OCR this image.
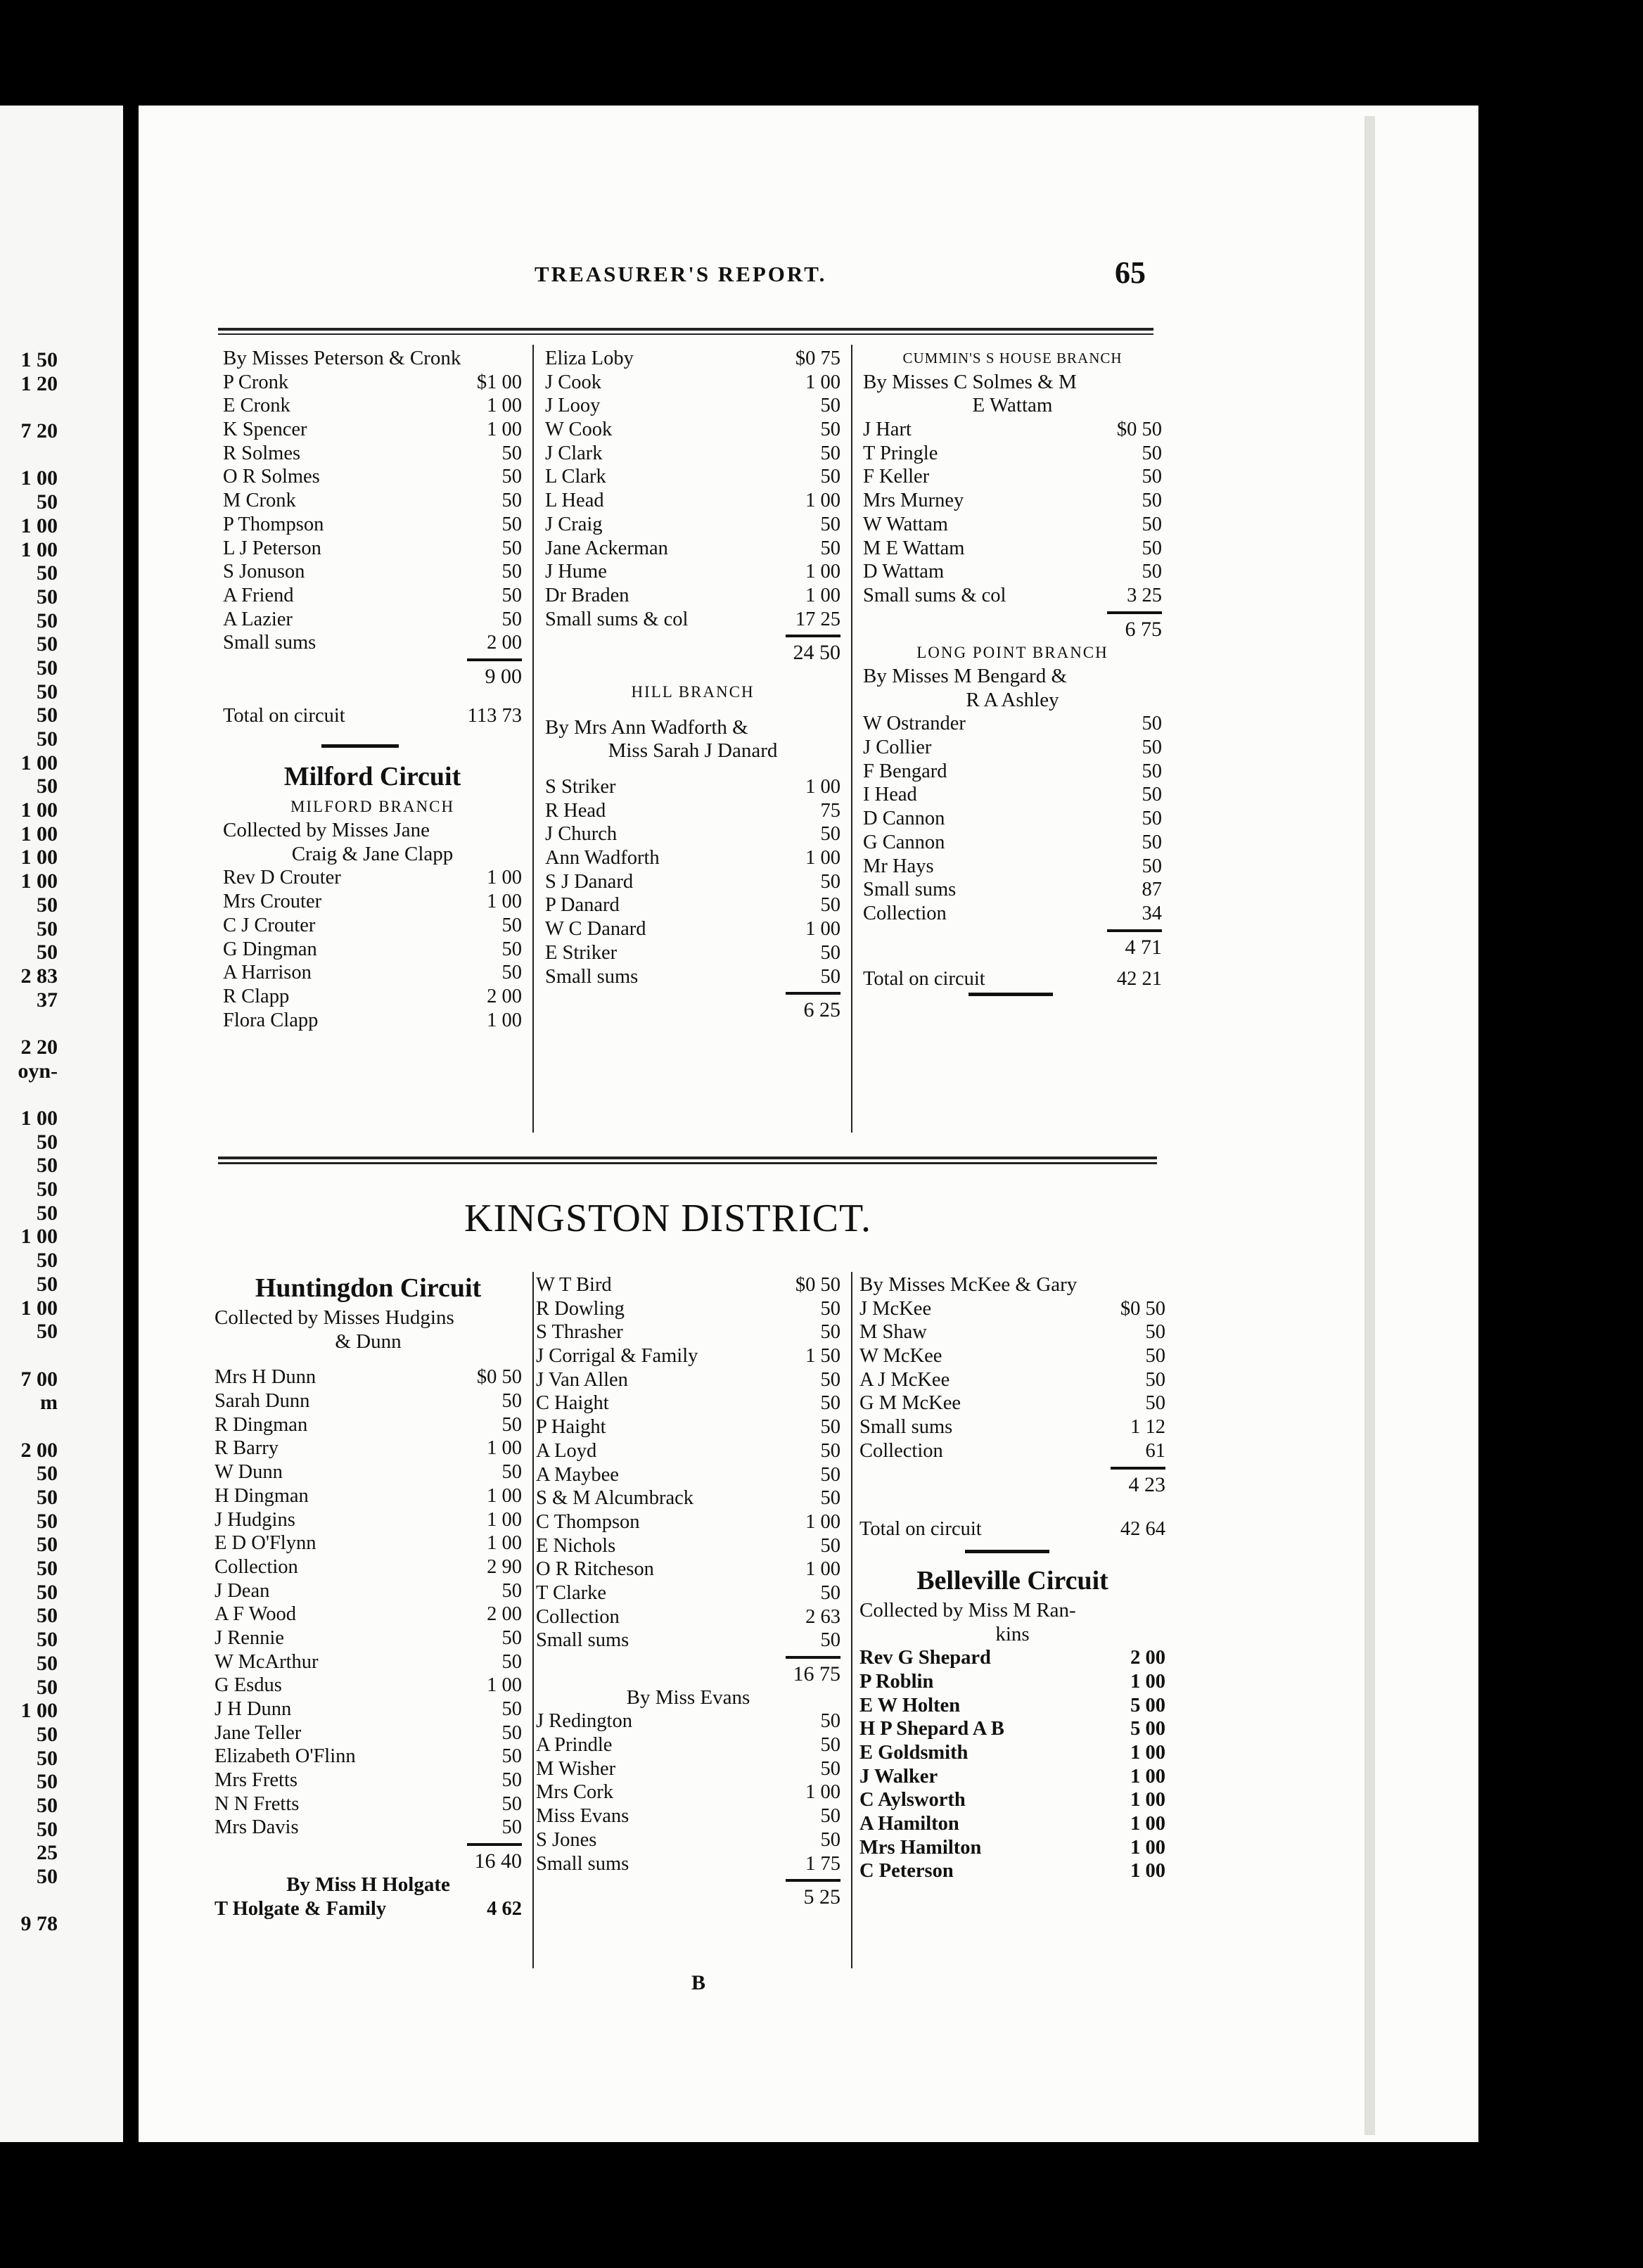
1 50
1 20
7 20
1 00
50
1 00
1 00
50
50
50
50
50
50
50
50
1 00
50
1 00
1 00
1 00
1 00
50
50
50
2 83
37
2 20
oyn-
1 00
50
50
50
50
1 00
50
50
1 00
50
7 00
m
2 00
50
50
50
50
50
50
50
50
50
50
1 00
50
50
50
50
50
25
50
9 78
TREASURER'S REPORT.	65
By Misses Peterson & Cronk
P Cronk	$1 00
E Cronk	1 00
K Spencer	1 00
R Solmes	50
O R Solmes	50
M Cronk	50
P Thompson	50
L J Peterson	50
S Jonuson	50
A Friend	50
A Lazier	50
Small sums	2 00
9 00
Total on circuit	113 73
Milford Circuit
MILFORD BRANCH
Collected by Misses Jane
Craig & Jane Clapp
Rev D Crouter	1 00
Mrs Crouter	1 00
C J Crouter	50
G Dingman	50
A Harrison	50
R Clapp	2 00
Flora Clapp	1 00
Eliza Loby	$0 75
J Cook	1 00
J Looy	50
W Cook	50
J Clark	50
L Clark	50
L Head	1 00
J Craig	50
Jane Ackerman	50
J Hume	1 00
Dr Braden	1 00
Small sums & col	17 25
24 50
HILL BRANCH
By Mrs Ann Wadforth &
Miss Sarah J Danard
S Striker	1 00
R Head	75
J Church	50
Ann Wadforth	1 00
S J Danard	50
P Danard	50
W C Danard	1 00
E Striker	50
Small sums	50
6 25
CUMMIN'S S HOUSE BRANCH
By Misses C Solmes & M
E Wattam
J Hart	$0 50
T Pringle	50
F Keller	50
Mrs Murney	50
W Wattam	50
M E Wattam	50
D Wattam	50
Small sums & col	3 25
6 75
LONG POINT BRANCH
By Misses M Bengard &
R A Ashley
W Ostrander	50
J Collier	50
F Bengard	50
I Head	50
D Cannon	50
G Cannon	50
Mr Hays	50
Small sums	87
Collection	34
4 71
Total on circuit	42 21
KINGSTON DISTRICT.
Huntingdon Circuit
Collected by Misses Hudgins
& Dunn
Mrs H Dunn	$0 50
Sarah Dunn	50
R Dingman	50
R Barry	1 00
W Dunn	50
H Dingman	1 00
J Hudgins	1 00
E D O'Flynn	1 00
Collection	2 90
J Dean	50
A F Wood	2 00
J Rennie	50
W McArthur	50
G Esdus	1 00
J H Dunn	50
Jane Teller	50
Elizabeth O'Flinn	50
Mrs Fretts	50
N N Fretts	50
Mrs Davis	50
16 40
By Miss H Holgate
T Holgate & Family	4 62
W T Bird	$0 50
R Dowling	50
S Thrasher	50
J Corrigal & Family	1 50
J Van Allen	50
C Haight	50
P Haight	50
A Loyd	50
A Maybee	50
S & M Alcumbrack	50
C Thompson	1 00
E Nichols	50
O R Ritcheson	1 00
T Clarke	50
Collection	2 63
Small sums	50
16 75
By Miss Evans
J Redington	50
A Prindle	50
M Wisher	50
Mrs Cork	1 00
Miss Evans	50
S Jones	50
Small sums	1 75
5 25
By Misses McKee & Gary
J McKee	$0 50
M Shaw	50
W McKee	50
A J McKee	50
G M McKee	50
Small sums	1 12
Collection	61
4 23
Total on circuit	42 64
Belleville Circuit
Collected by Miss M Ran-
kins
Rev G Shepard	2 00
P Roblin	1 00
E W Holten	5 00
H P Shepard A B	5 00
E Goldsmith	1 00
J Walker	1 00
C Aylsworth	1 00
A Hamilton	1 00
Mrs Hamilton	1 00
C Peterson	1 00
B
